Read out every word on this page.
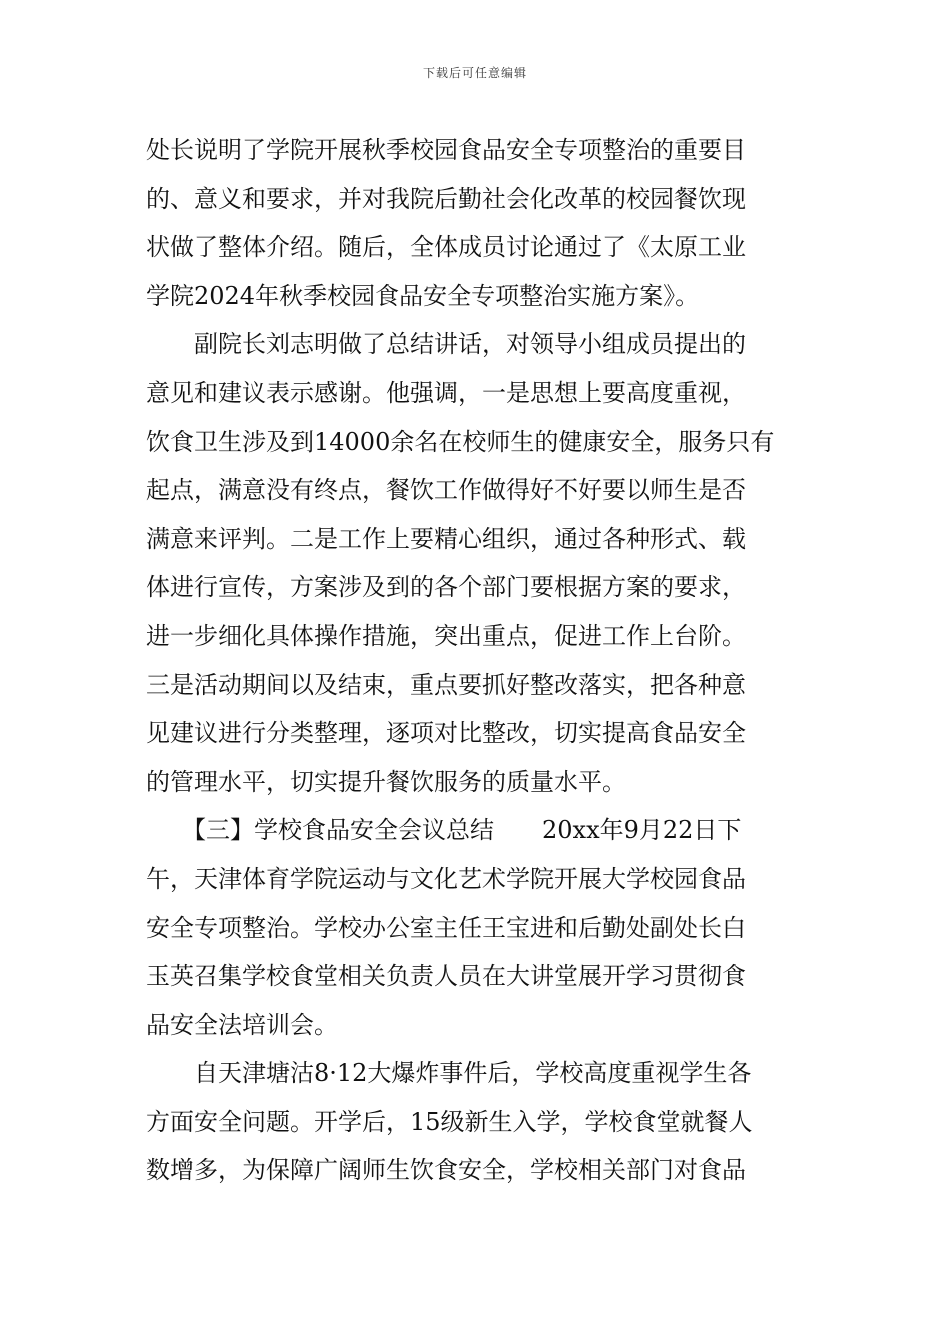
下载后可任意编辑
处长说明了学院开展秋季校园食品安全专项整治的重要目
的、意义和要求，并对我院后勤社会化改革的校园餐饮现
状做了整体介绍。随后，全体成员讨论通过了《太原工业
学院2024年秋季校园食品安全专项整治实施方案》。
　　副院长刘志明做了总结讲话，对领导小组成员提出的
意见和建议表示感谢。他强调，一是思想上要高度重视，
饮食卫生涉及到14000余名在校师生的健康安全，服务只有
起点，满意没有终点，餐饮工作做得好不好要以师生是否
满意来评判。二是工作上要精心组织，通过各种形式、载
体进行宣传，方案涉及到的各个部门要根据方案的要求，
进一步细化具体操作措施，突出重点，促进工作上台阶。
三是活动期间以及结束，重点要抓好整改落实，把各种意
见建议进行分类整理，逐项对比整改，切实提高食品安全
的管理水平，切实提升餐饮服务的质量水平。
　　【三】学校食品安全会议总结　　20xx年9月22日下
午，天津体育学院运动与文化艺术学院开展大学校园食品
安全专项整治。学校办公室主任王宝进和后勤处副处长白
玉英召集学校食堂相关负责人员在大讲堂展开学习贯彻食
品安全法培训会。
　　自天津塘沽8·12大爆炸事件后，学校高度重视学生各
方面安全问题。开学后，15级新生入学，学校食堂就餐人
数增多，为保障广阔师生饮食安全，学校相关部门对食品
